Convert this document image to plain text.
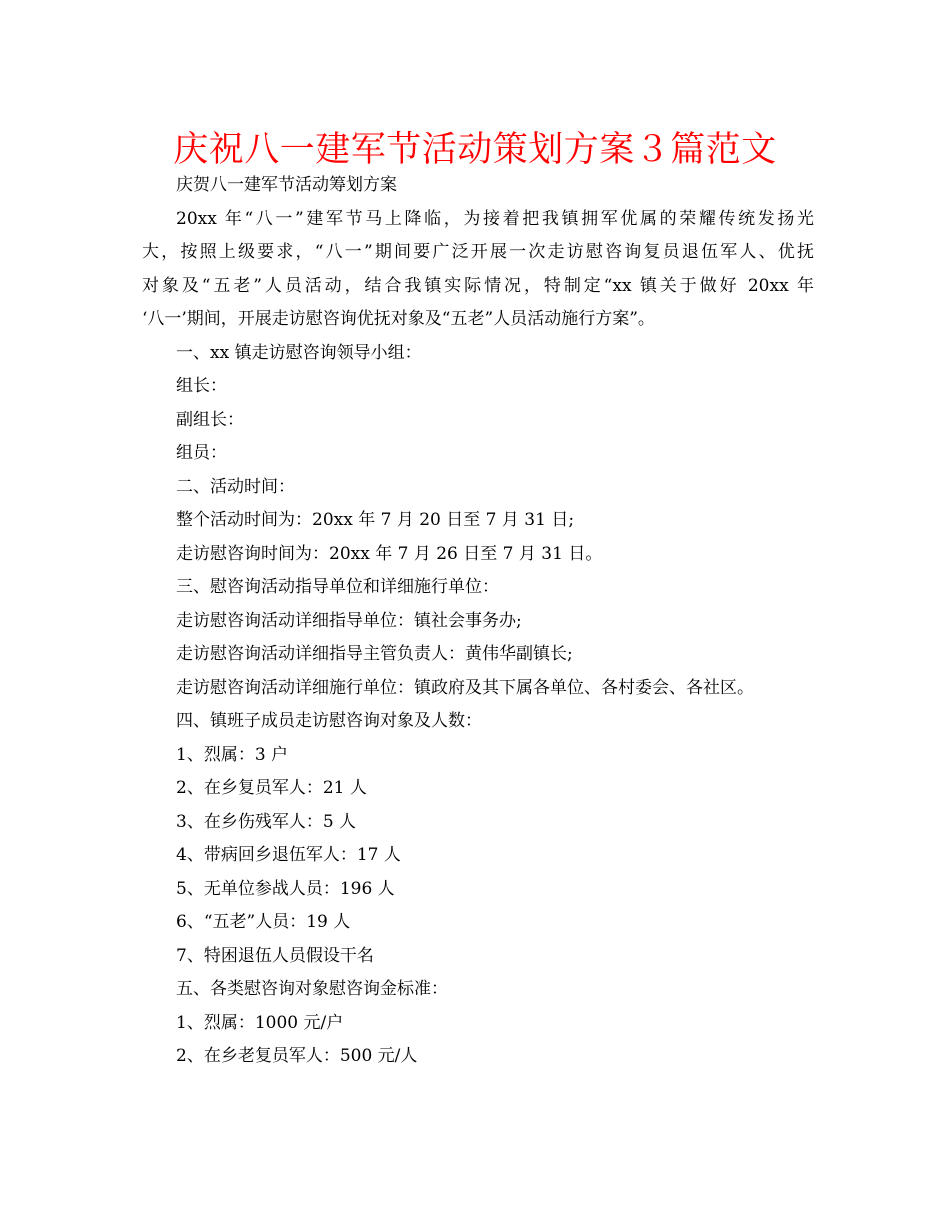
庆祝八一建军节活动策划方案３篇范文
庆贺八一建军节活动筹划方案
20xx 年“八一”建军节马上降临，为接着把我镇拥军优属的荣耀传统发扬光
大，按照上级要求，“八一”期间要广泛开展一次走访慰咨询复员退伍军人、优抚
对象及“五老”人员活动，结合我镇实际情况，特制定“xx 镇关于做好 20xx 年
‘八一’期间，开展走访慰咨询优抚对象及“五老”人员活动施行方案”。
一、xx 镇走访慰咨询领导小组：
组长：
副组长：
组员：
二、活动时间：
整个活动时间为：20xx 年 7 月 20 日至 7 月 31 日;
走访慰咨询时间为：20xx 年 7 月 26 日至 7 月 31 日。
三、慰咨询活动指导单位和详细施行单位：
走访慰咨询活动详细指导单位：镇社会事务办;
走访慰咨询活动详细指导主管负责人：黄伟华副镇长;
走访慰咨询活动详细施行单位：镇政府及其下属各单位、各村委会、各社区。
四、镇班子成员走访慰咨询对象及人数：
1、烈属：3 户
2、在乡复员军人：21 人
3、在乡伤残军人：5 人
4、带病回乡退伍军人：17 人
5、无单位参战人员：196 人
6、“五老”人员：19 人
7、特困退伍人员假设干名
五、各类慰咨询对象慰咨询金标准：
1、烈属：1000 元/户
2、在乡老复员军人：500 元/人
